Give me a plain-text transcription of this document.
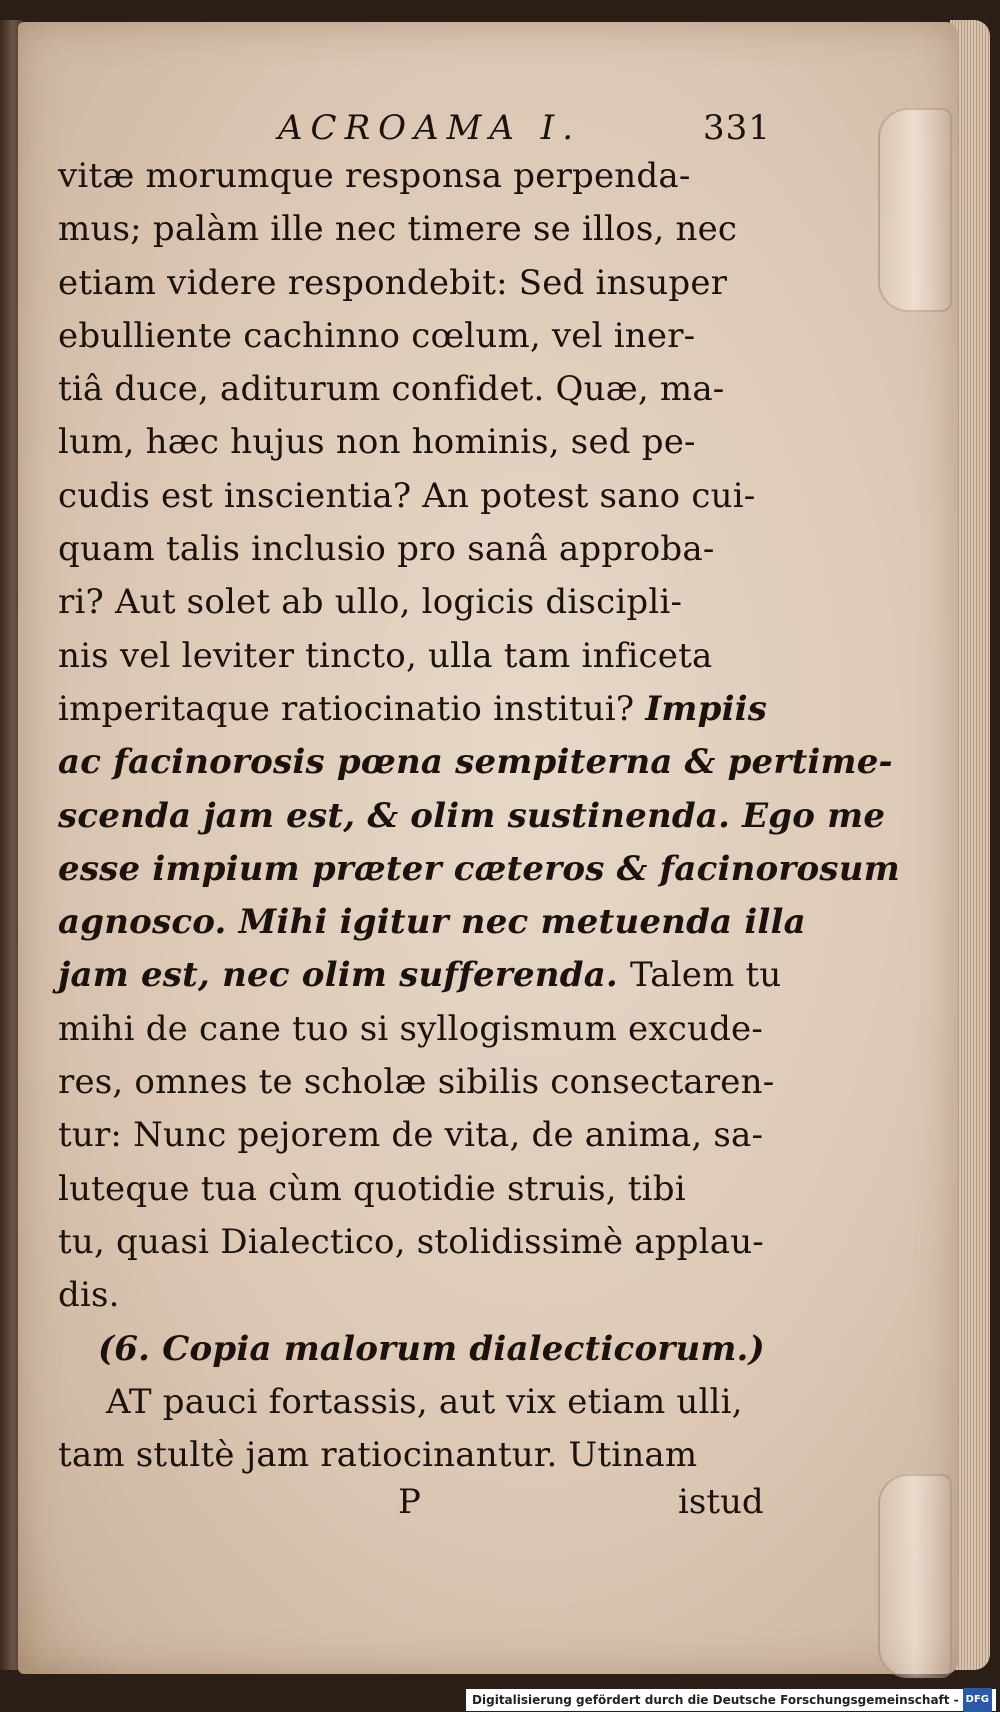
ACROAMA I.	331
vitæ morumque responsa perpenda-
mus; palàm ille nec timere se illos, nec
etiam videre respondebit: Sed insuper
ebulliente cachinno cœlum, vel iner-
tiâ duce, aditurum confidet. Quæ, ma-
lum, hæc hujus non hominis, sed pe-
cudis est inscientia? An potest sano cui-
quam talis inclusio pro sanâ approba-
ri? Aut solet ab ullo, logicis discipli-
nis vel leviter tincto, ulla tam inficeta
imperitaque ratiocinatio institui? Impiis
ac facinorosis pœna sempiterna & pertime-
scenda jam est, & olim sustinenda. Ego me
esse impium præter cæteros & facinorosum
agnosco. Mihi igitur nec metuenda illa
jam est, nec olim sufferenda. Talem tu
mihi de cane tuo si syllogismum excude-
res, omnes te scholæ sibilis consectaren-
tur: Nunc pejorem de vita, de anima, sa-
luteque tua cùm quotidie struis, tibi
tu, quasi Dialectico, stolidissimè applau-
dis.
(6. Copia malorum dialecticorum.)
AT pauci fortassis, aut vix etiam ulli,
tam stultè jam ratiocinantur. Utinam
P	istud
Digitalisierung gefördert durch die Deutsche Forschungsgemeinschaft - DFG
